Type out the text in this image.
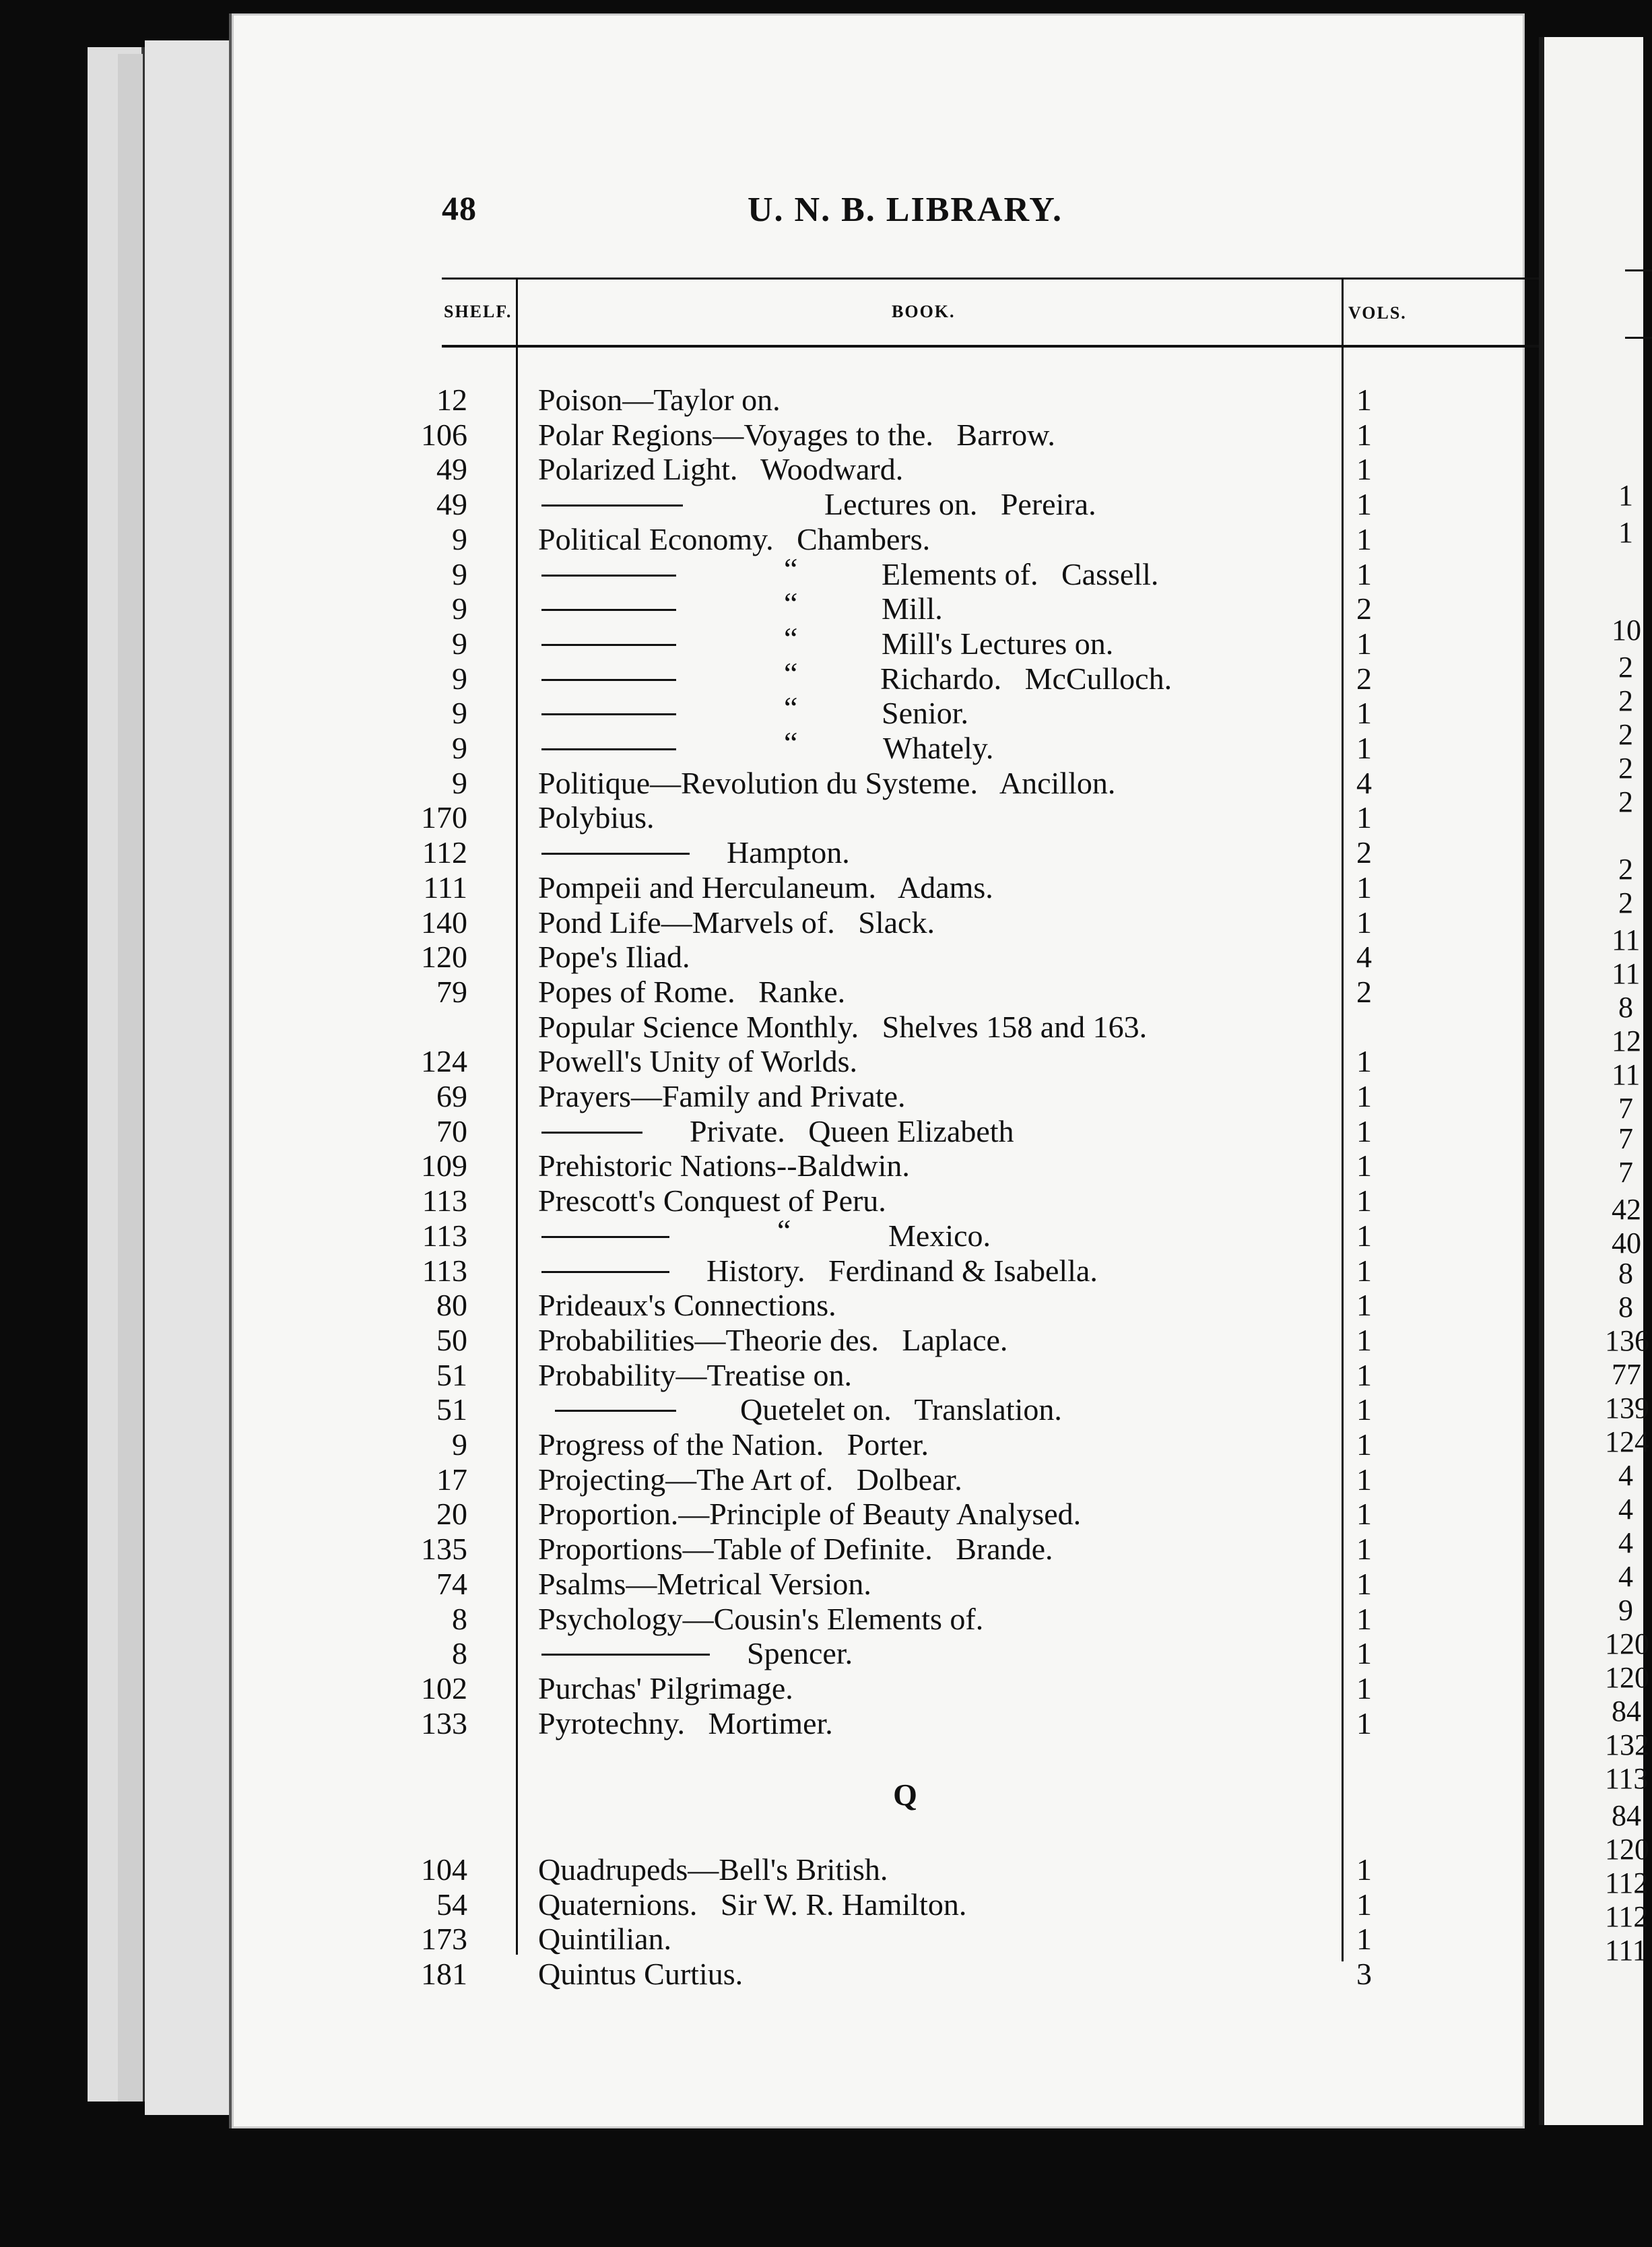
48	U. N. B. LIBRARY.
SHELF.	BOOK.	VOLS.
12 Poison—Taylor on.	1
106 Polar Regions—Voyages to the.   Barrow.	1
49 Polarized Light.   Woodward.	1
49	Lectures on.   Pereira.	1
9 Political Economy.   Chambers.	1
9	“	Elements of.   Cassell.	1
9	“	Mill.	2
9	“	Mill's Lectures on.	1
9	“	Richardo.   McCulloch.	2
9	“	Senior.	1
9	“	Whately.	1
9 Politique—Revolution du Systeme.   Ancillon.	4
170 Polybius.	1
112	Hampton.	2
111 Pompeii and Herculaneum.   Adams.	1
140 Pond Life—Marvels of.   Slack.	1
120 Pope's Iliad.	4
79 Popes of Rome.   Ranke.	2
Popular Science Monthly.   Shelves 158 and 163.
124 Powell's Unity of Worlds.	1
69 Prayers—Family and Private.	1
70	Private.   Queen Elizabeth	1
109 Prehistoric Nations--Baldwin.	1
113 Prescott's Conquest of Peru.	1
113	“	Mexico.	1
113	History.   Ferdinand & Isabella.	1
80 Prideaux's Connections.	1
50 Probabilities—Theorie des.   Laplace.	1
51 Probability—Treatise on.	1
51	Quetelet on.   Translation.	1
9 Progress of the Nation.   Porter.	1
17 Projecting—The Art of.   Dolbear.	1
20 Proportion.—Principle of Beauty Analysed.	1
135 Proportions—Table of Definite.   Brande.	1
74 Psalms—Metrical Version.	1
8 Psychology—Cousin's Elements of.	1
8	Spencer.	1
102 Purchas' Pilgrimage.	1
133 Pyrotechny.   Mortimer.	1
Q
104 Quadrupeds—Bell's British.	1
54 Quaternions.   Sir W. R. Hamilton.	1
173 Quintilian.	1
181 Quintus Curtius.	3
1
1
10
2
2
2
2
2
2
2
11
11
8
12
11
7
7
7
42
40
8
8
136
77
139
124
4
4
4
4
9
120
120
84
132
113
84
120
112
112
111
